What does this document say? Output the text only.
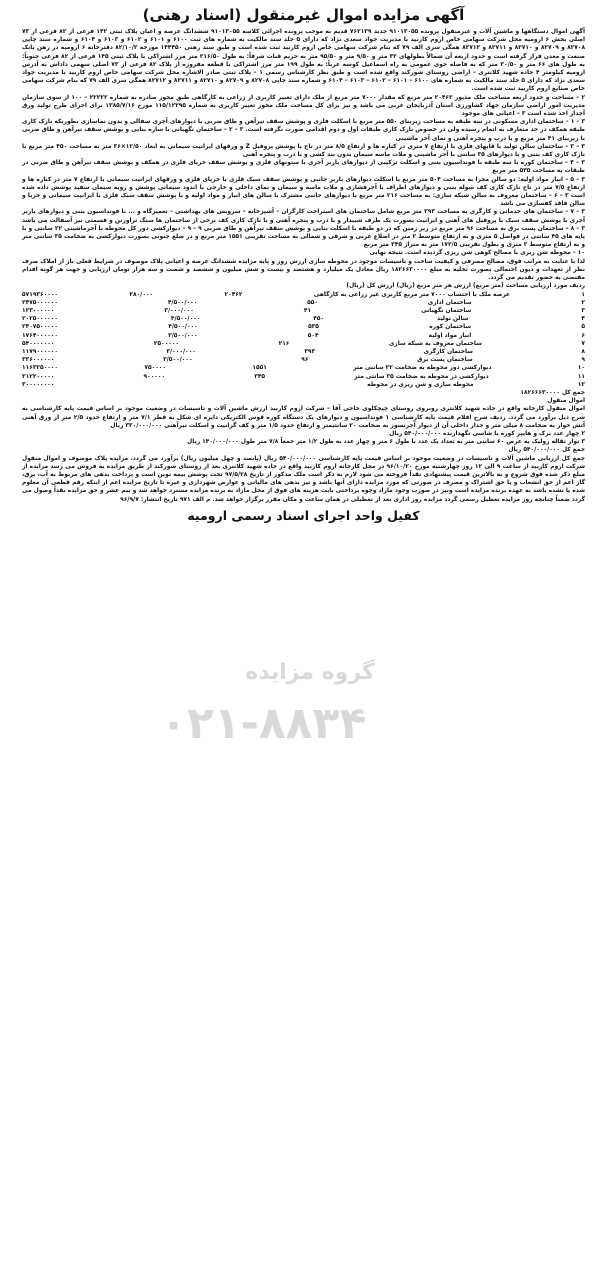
آگهی مزایده اموال غیرمنقول (اسناد رهنی)

آگهی اموال دستگاهها و ماشین آلات و غیرمنقول پرونده ۹۱۰۱۳۰۵۵ جدید ۷۶۲۱۳۹ قدیم به موجب پرونده اجرائی کلاسه ۹۱۰۱۳۰۵۵ ششدانگ عرصه و اعیان پلاک ثبتی ۱۴۲ فرعی از ۸۲ فرعی از ۷۳ اصلی بخش ۶ ارومیه محل شرکت سهامی خاص اروم کاربید با مدیریت جواد سعدی نژاد که دارای ۵ جلد سند مالکیت به شماره های ثبت ۶۱۰۰ و ۶۱۰۱ و ۶۱۰۲ و ۶۱۰۳ و ۶۱۰۴ و شماره سند چاپی ۸۲۷۰۸ و ۸۲۷۰۹ و ۸۲۷۱۰ و ۸۲۷۱۱ و ۸۲۷۱۲ همگی سری الف ۷۹ که بنام شرکت سهامی خاص اروم کاربید ثبت شده است و طبق سند رهنی ۱۴۴۴۵۰ مورخه ۸۲/۱۰/۲ دفترخانه ۶ ارومیه در رهن بانک صنعت و معدن قرار گرفته است و حدود اربعه آن شمالاً بطولهای ۳۲ متر و ۹/۵۰ متر و ۹۵/۵۰ متر به حریم قنات شرقاً: به طول ۲۱۶/۵۰ متر مرز اشتراکی با پلاک ثبتی ۱۴۵ فرعی از ۸۲ فرعی جنوباً: به طول های ۶۶ متر و ۳۰/۵۰ متر که به فاصله جوی عمومی به راه اسماعیل کوسه غرباً: به طول ۱۹۹ متر مرز اشتراکی با قطعه مفروزه از پلاک ۸۲ فرعی از ۷۳ اصلی سهمی داداش به آدرس ارومیه کیلومتر ۴ جاده شهید کلانتری – اراضی روستای شورکند واقع شده است و طبق نظر کارشناس رسمی ۱ – پلاک ثبتی صادر الاشاره محل شرکت سهامی خاص اروم کاربید با مدیریت جواد سعدی نژاد که دارای ۵ جلد سند مالکیت به شماره های ۶۱۰۰ – ۶۱۰۱ – ۶۱۰۲ – ۶۱۰۳ – ۶۱۰۴ و شماره سند چاپی ۸۲۷۰۸ و ۸۲۷۰۹ و ۸۲۷۱۰ و ۸۲۷۱۱ و ۸۲۷۱۲ همگی سری الف ۷۹ که بنام شرکت سهامی خاص صنایع اروم کاربید ثبت شده است.

۲ – مساحت و حدود اربعه مساحت ملک مذبور ۲۰۴۶۲ متر مربع که مقدار ۷۰۰۰ متر مربع از ملک دارای تغییر کاربری از زراعی به کارگاهی طبق مجوز صادره به شماره ۲۲۲۲۲ – ۱۰۰ از سوی سازمان مدیریت امور اراضی سازمان جهاد کشاورزی استان آذربایجان غربی می باشد و نیز برای کل مساحت ملک مجوز تغییر کاربری به شماره ۱۱۵/۱۲۲۹۵ مورخ ۱۳۸۵/۷/۱۶ برای اجرای طرح تولید ورق آجدار اخذ شده است ۳ – اعیانی های موجود

۳ – ۱ – ساختمان اداری مسکونی در سه طبقه به مساحت زیربنای ۵۵۰ متر مربع با اسکلت فلزی و پوشش سقف تیرآهن و طاق ضربی با دیوارهای آجری سفالی و بدون نماسازی بطوریکه نازک کاری طبقه همکف در حد متعارف به اتمام رسیده ولی در خصوص نازک کاری طبقات اول و دوم اقدامی صورت نگرفته است. ۳ – ۲ – ساختمان نگهبانی با سازه بنایی و پوشش سقف تیرآهن و طاق ضربی با زیربنای ۴۱ متر مربع و با درب و پنجره آهنی و نمای آجر ماشینی

۳ – ۳ – ساختمان سالن تولید با قابهای فلزی با ارتفاع ۷ متری در کناره ها و ارتفاع ۸/۵ متر در تاج با پوشش پروفیل Z و ورقهای ایرانیت سیمانی به ابعاد ۱۲/۵۰×۳۶ متر به مساحت ۴۵۰ متر مربع با نازک کاری کف بتنی و با دیوارهای ۳۵ سانتی با آجر ماشینی و ملات ماسه سیمان بدون بند کشی و با درب و پنجره آهنی

۳ – ۴ – ساختمان کوره با سه طبقه با فونداسیون بتنی و اسکلت ترکیبی از دیوارهای باربر آجری با ستونهای فلزی و پوشش سقف خرپای فلزی در همکف و پوشش سقف تیرآهن و طاق ضربی در طبقات به مساحت ۵۳۵ متر مربع

۳ – ۵ – انبار مواد اولیه: دو سالن مجزا به مساحت ۵۰۴ متر مربع با اسکلت دیوارهای باربر جانبی و پوشش سقف سبک فلزی با خرپای فلزی و ورقهای ایرانیت سیمانی با ارتفاع ۷ متر در کناره ها و ارتفاع ۷/۵ متر در تاج نازک کاری کف سوله بتنی و دیوارهای اطراف با آجرفشاری و ملات ماسه و سیمان و نمای داخلی و خارجی با اندود سیمانی پوشش و رویه سیمان سفید پوشش داده شده است ۳ – ۶ – ساختمان معروف به سالن شبکه سازی: به مساحت ۲۱۶ متر مربع با دیوارهای جانبی مشترک با سالن های انبار و مواد اولیه و با پوشش سقف سبک فلزی با ایرانیت سیمانی و خرپا و سالن فاقد کفسازی می باشد

۳ – ۷ – ساختمان های خدماتی و کارگری به مساحت ۳۹۳ متر مربع شامل ساختمان های استراحت کارگران – آشپزخانه – سرویس های بهداشتی – تعمیرگاه و ... با فونداسیون بتنی و دیوارهای باربر آجری با پوشش سقف سبک با پروفیل های آهنی و ایرانیت بصورت یک طرف شیبدار و با درب و پنجره آهنی و با نازک کاری کف برخی از ساختمان ها سنگ تراورتن و قسمتی نیز آسفالت می باشد ۳ – ۸ – ساختمان پست برق به مساحت ۹۶ متر مربع در زیر زمین که در دو طبقه با اسکلت بنایی و پوشش سقف تیرآهن و طاق ضربی ۹ – ۹ – دیوارکشی دور کل محوطه با آجرماشینی ۲۲ سانتی و با پایه های ۴۵ سانتی در فواصل ۵ متری و به ارتفاع متوسط ۲ متر در اضلاع غربی و شرقی و شمالی به مساحت تقریبی ۱۵۵۱ متر مربع و در ضلع جنوبی بصورت دیوارکشی به ضخامت ۳۵ سانتی متر و به ارتفاع متوسط ۲ متری و بطول تقریبی ۱۷۲/۵ متر به متراژ ۳۴۵ متر مربع

۱۰ – محوطه شن ریزی با مصالح کوهی شن ریزی گردیده است. نتیجه نهایی

لذا با عنایت به مراتب فوق، مصالح مصرفی و کیفیت ساخت و تاسیسات موجود در محوطه سازی ارزش روز و پایه مزایده ششدانگ عرصه و اعیانی پلاک موصوف در شرایط فعلی باز از املاک صرف نظر از تعهدات و دیون احتمالی بصورت تخلیه به مبلغ ۱۸۲۶۶۳۰۰۰۰ ریال معادل یک میلیارد و هشتصد و بیست و شش میلیون و ششصد و شصت و سه هزار تومان ارزیابی و جهت هر گونه اقدام مقتضی به حضور تقدیم می گردد.

ردیف مورد ارزیابی مساحت (متر مربع) ارزش هر متر مربع (ریال) ارزش کل (ریال)
۱
عرصه ملک با احتساب ۷۰۰۰ متر مربع کاربری غیر زراعی به کارگاهی
۲۰۴۶۲
۲۸۰/۰۰۰
۵۷۱۹۳۶۰۰۰۰
۲
ساختمان اداری
۵۵۰
۴/۵۰۰/۰۰۰
۲۴۷۵۰۰۰۰۰۰
۳
ساختمان نگهبانی
۴۱
۳/۰۰۰/۰۰۰
۱۲۳۰۰۰۰۰۰
۴
سالن تولید
۴۵۰
۴/۵۰۰/۰۰۰
۲۰۲۵۰۰۰۰۰۰
۵
ساختمان کوره
۵۳۵
۴/۵۰۰/۰۰۰
۲۴۰۷۵۰۰۰۰۰
۶
انبار مواد اولیه
۵۰۴
۳/۵۰۰/۰۰۰
۱۷۶۴۰۰۰۰۰۰
۷
ساختمان معروف به شبکه سازی
۲۱۶
۲۵۰۰۰۰۰
۵۴۰۰۰۰۰۰۰
۸
ساختمان کارگری
۳۹۳
۳/۰۰۰/۰۰۰
۱۱۷۹۰۰۰۰۰۰
۹
ساختمان پست برق
۹۶
۳/۵۰۰/۰۰۰
۳۳۶۰۰۰۰۰۰
۱۰
دیوارکشی دور محوطه به ضخامت ۲۲ سانتی متر
۱۵۵۱
۷۵۰۰۰۰
۱۱۶۳۲۵۰۰۰۰
۱۱
دیوارکشی در محوطه به ضخامت ۳۵ سانتی متر
۳۴۵
۹۰۰۰۰۰
۳۱۲۲۰۰۰۰۰
۱۲
محوطه سازی و شن ریزی در محوطه
۳۰۰۰۰۰۰۰۰
جمع کل ۱۸۲۶۶۶۳۰۰۰۰
اموال منقول

اموال منقول کارخانه واقع در جاده شهید کلانتری روبروی روستای چیچکلوی حاجی آقا – شرکت اروم کاربید ارزش ماشین آلات و تاسیسات در وضعیت موجود بر اساس قیمت پایه کارشناسی به شرح ذیل برآورد می گردد. ردیف شرح اقلام قیمت پایه کارشناسی ۱ فونداسیون و دیوارهای یک دستگاه کوره قوس الکتریکی دایره ای شکل به قطر ۷/۱ متر و ارتفاع حدود ۲/۵ متر از ورق آهنی آتش خوار به ضخامت ۸ میلی متر و جدار داخلی آن از دیوار آجرنسوز به ضخامت ۲۰ سانتیمتر و ارتفاع حدود ۱/۵ متر و کف گرانیت و اسکلت تیرآهنی ۳۳۰/۰۰۰/۰۰۰ ریال

۲ چهار عدد برک و هایپر کوره با شاسی نگهدارنده ۵۴۰/۰۰۰/۰۰۰ ریال
۳ نوار نقاله رولیک به عرض ۶۰ سانتی متر به تعداد یک عدد با طول ۶ متر و چهار عدد به طول ۱/۲ متر جمعاً ۷/۸ متر طول ۱۴۰/۰۰۰/۰۰۰ ریال
جمع کل ۵۴۰/۰۰۰/۰۰۰ ریال

جمع کل ارزیابی ماشین آلات و تاسیسات در وضعیت موجود بر اساس قیمت پایه کارشناسی ۵۴۰/۰۰۰/۰۰۰ ریال (پانصد و چهل میلیون ریال) برآورد می گردد. مزایده پلاک موصوف و اموال منقول شرکت اروم کاربید از ساعت ۹ الی ۱۲ روز چهارشنبه مورخ ۹۶/۱۰/۲۰ در محل کارخانه اروم کاربید واقع در جاده شهید کلانتری بعد از روستای شورکند از طریق مزایده به فروش می رسد مزایده از مبلغ ذکر شده فوق شروع و به بالاترین قیمت پیشنهادی نقداً فروخته می شود لازم به ذکر است ملک مذکور از تاریخ ۹۷/۵/۲۸ تحت پوشش بیمه نوین است و پرداخت بدهی های مربوط به آب، برق، گاز اعم از حق انشعاب و یا حق اشتراک و مصرف در صورتی که مورد مزایده دارای آنها باشد و نیز بدهی های مالیاتی و عوارض شهرداری و غیره تا تاریخ مزایده اعم از اینکه رقم قطعی آن معلوم شده یا نشده باشد به عهده برنده مزایده است ونیز در صورت وجود مازاد وجوه پرداختی بابت هزینه های فوق از محل مازاد به برنده مزایده مسترد خواهد شد و نیم عشر و حق مزایده نقداً وصول می گردد ضمناً چنانچه روز مزایده تعطیل رسمی گردد مزایده روز اداری بعد از تعطیلی در همان ساعت و مکان مقرر برگزار خواهد شد. م الف ۹۷۱ تاریخ انتشار: ۹۶/۹/۷

کفیل واحد اجرای اسناد رسمی ارومیه
گروه مزایده
۰۲۱-۸۸۳۴
